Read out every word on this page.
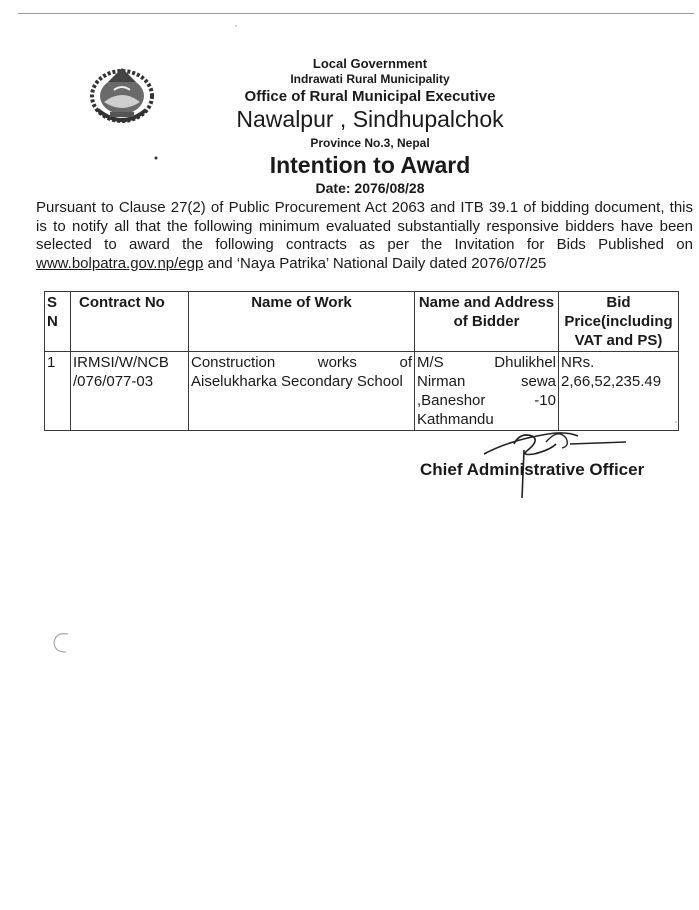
Local Government
Indrawati Rural Municipality
Office of Rural Municipal Executive
Nawalpur , Sindhupalchok
Province No.3, Nepal
Intention to Award
Date: 2076/08/28
Pursuant to Clause 27(2) of Public Procurement Act 2063 and ITB 39.1 of bidding document, this is to notify all that the following minimum evaluated substantially responsive bidders have been selected to award the following contracts as per the Invitation for Bids Published on www.bolpatra.gov.np/egp and ‘Naya Patrika’ National Daily dated 2076/07/25
S N	Contract No	Name of Work	Name and Address of Bidder	Bid Price(including VAT and PS)
1	IRMSI/W/NCB /076/077-03	Construction works of Aiselukharka Secondary School	M/S Dhulikhel Nirman sewa ,Baneshor -10 Kathmandu	NRs. 2,66,52,235.49
Chief Administrative Officer
